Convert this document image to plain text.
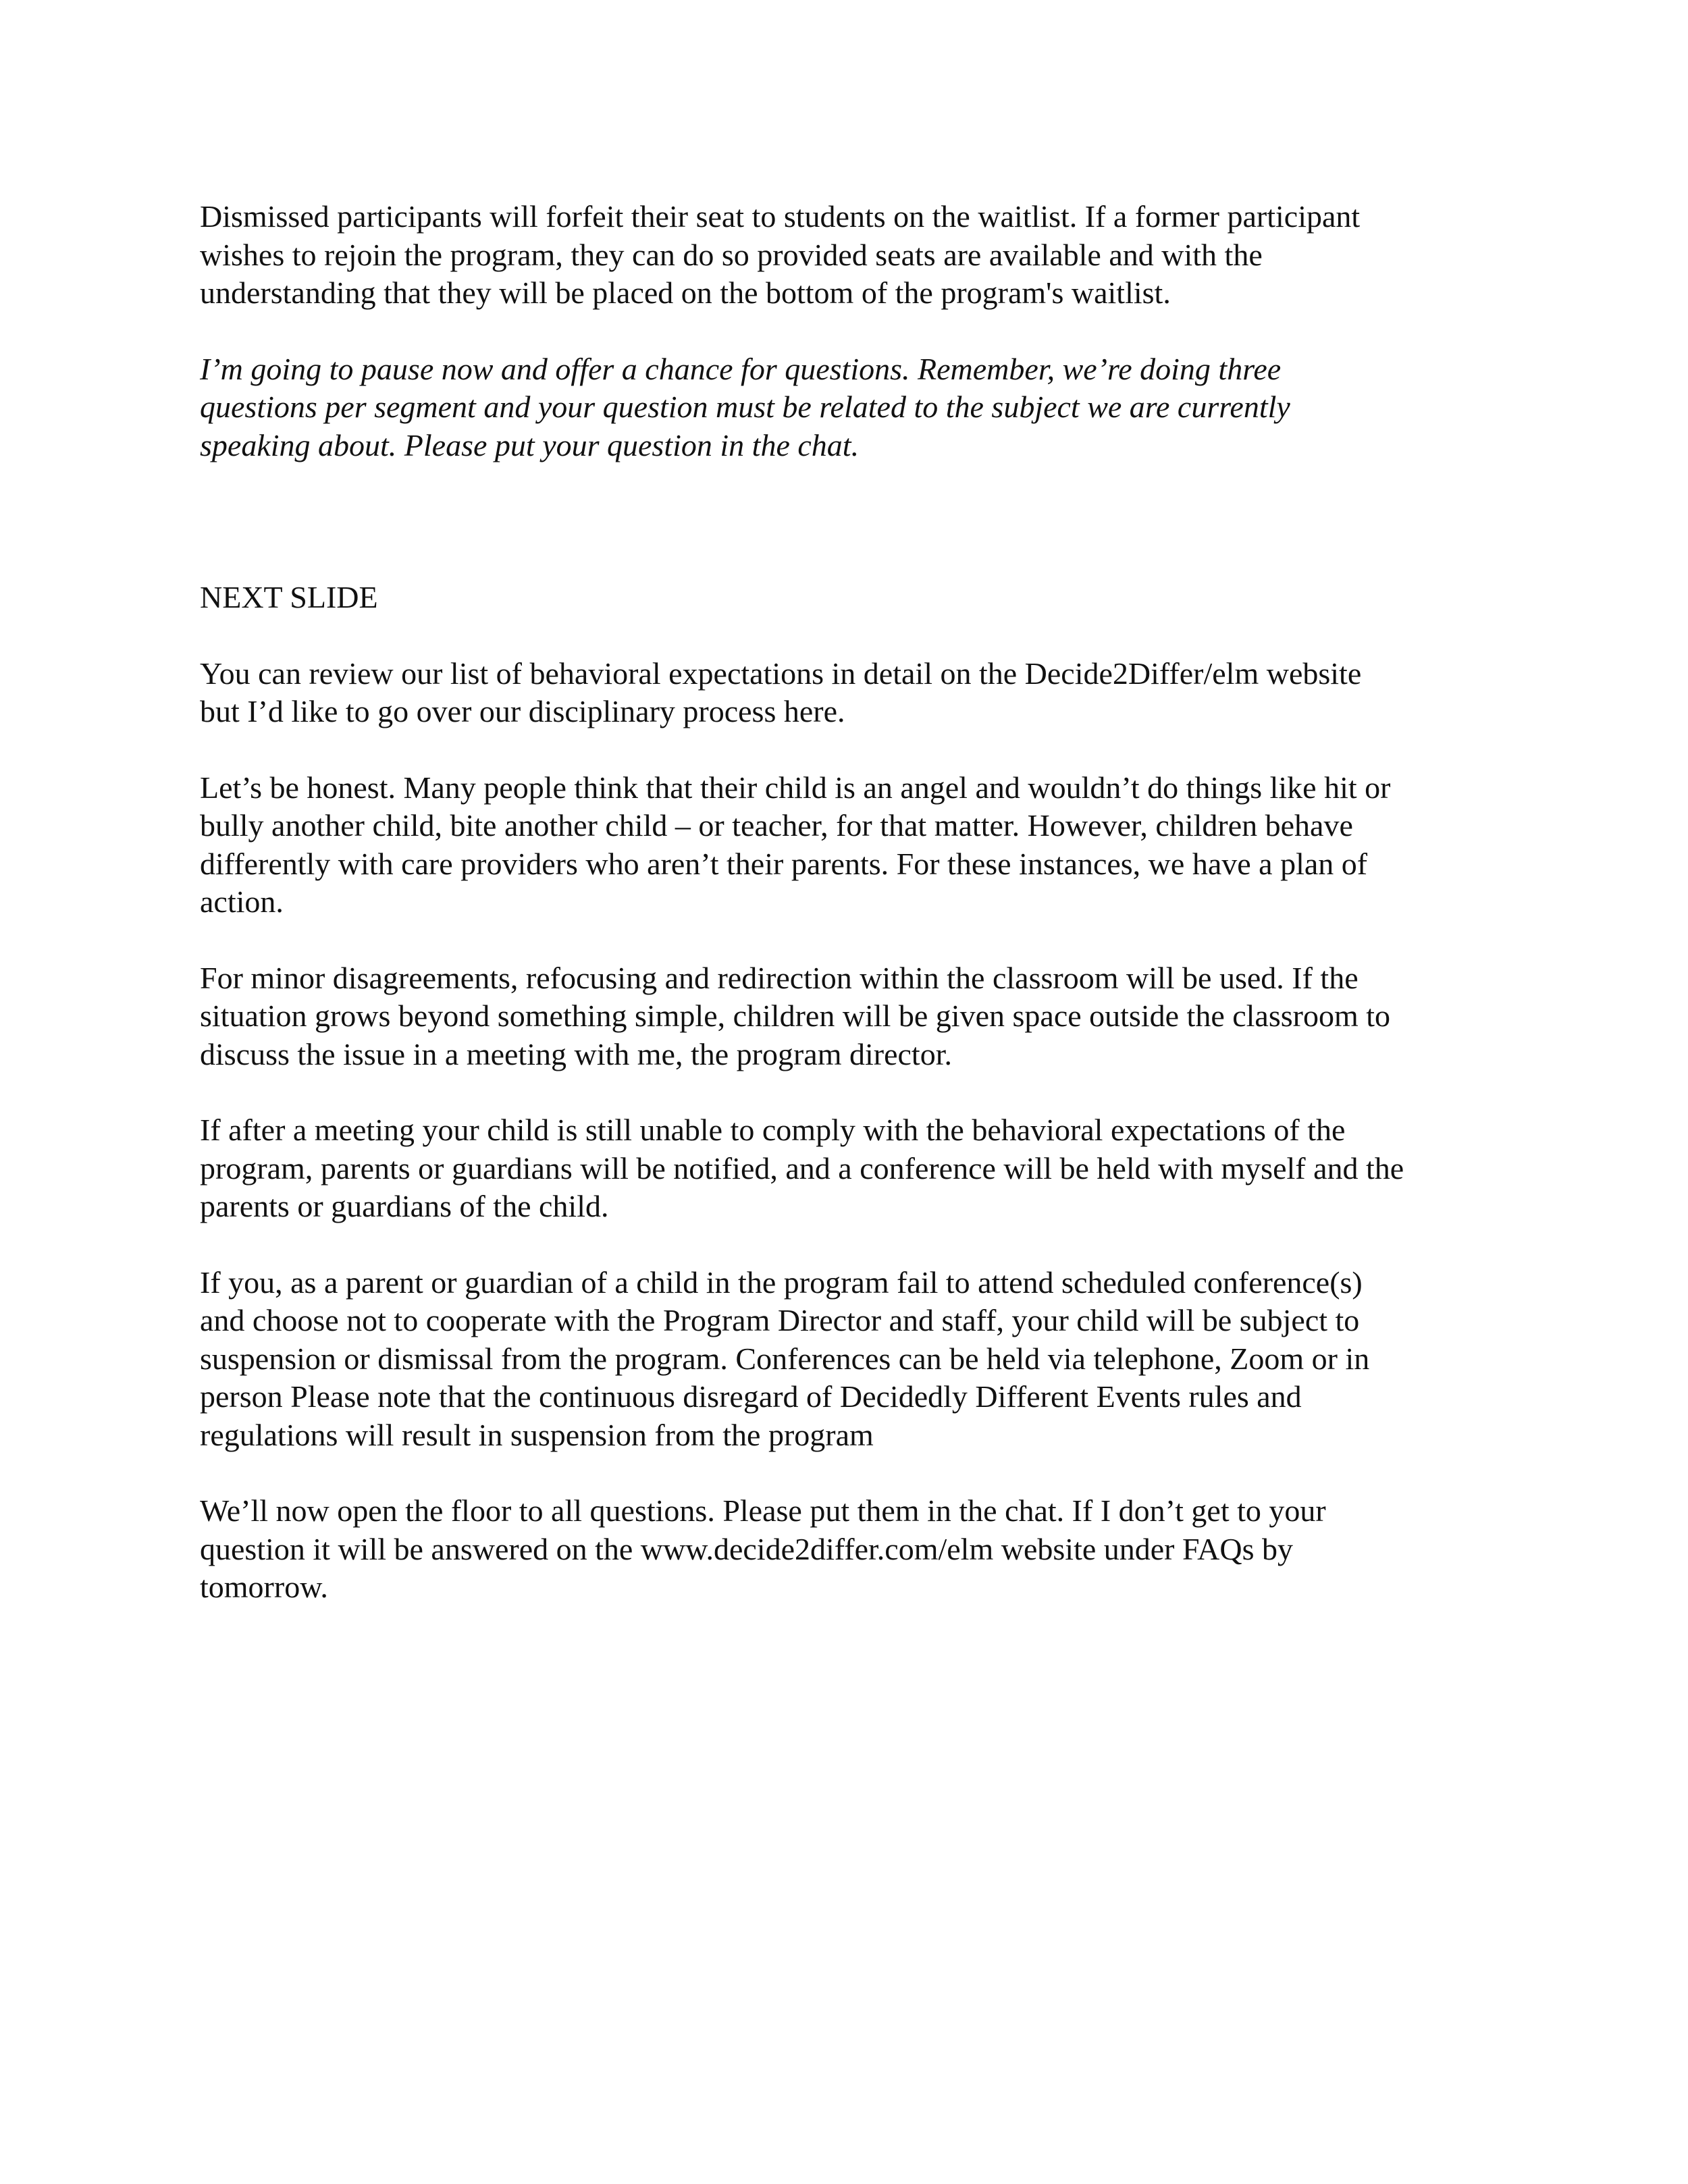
Dismissed participants will forfeit their seat to students on the waitlist. If a former participant
wishes to rejoin the program, they can do so provided seats are available and with the
understanding that they will be placed on the bottom of the program's waitlist.

I’m going to pause now and offer a chance for questions. Remember, we’re doing three
questions per segment and your question must be related to the subject we are currently
speaking about. Please put your question in the chat.

NEXT SLIDE

You can review our list of behavioral expectations in detail on the Decide2Differ/elm website
but I’d like to go over our disciplinary process here.

Let’s be honest. Many people think that their child is an angel and wouldn’t do things like hit or
bully another child, bite another child – or teacher, for that matter. However, children behave
differently with care providers who aren’t their parents. For these instances, we have a plan of
action.

For minor disagreements, refocusing and redirection within the classroom will be used. If the
situation grows beyond something simple, children will be given space outside the classroom to
discuss the issue in a meeting with me, the program director.

If after a meeting your child is still unable to comply with the behavioral expectations of the
program, parents or guardians will be notified, and a conference will be held with myself and the
parents or guardians of the child.

If you, as a parent or guardian of a child in the program fail to attend scheduled conference(s)
and choose not to cooperate with the Program Director and staff, your child will be subject to
suspension or dismissal from the program. Conferences can be held via telephone, Zoom or in
person Please note that the continuous disregard of Decidedly Different Events rules and
regulations will result in suspension from the program

We’ll now open the floor to all questions. Please put them in the chat. If I don’t get to your
question it will be answered on the www.decide2differ.com/elm website under FAQs by
tomorrow.
